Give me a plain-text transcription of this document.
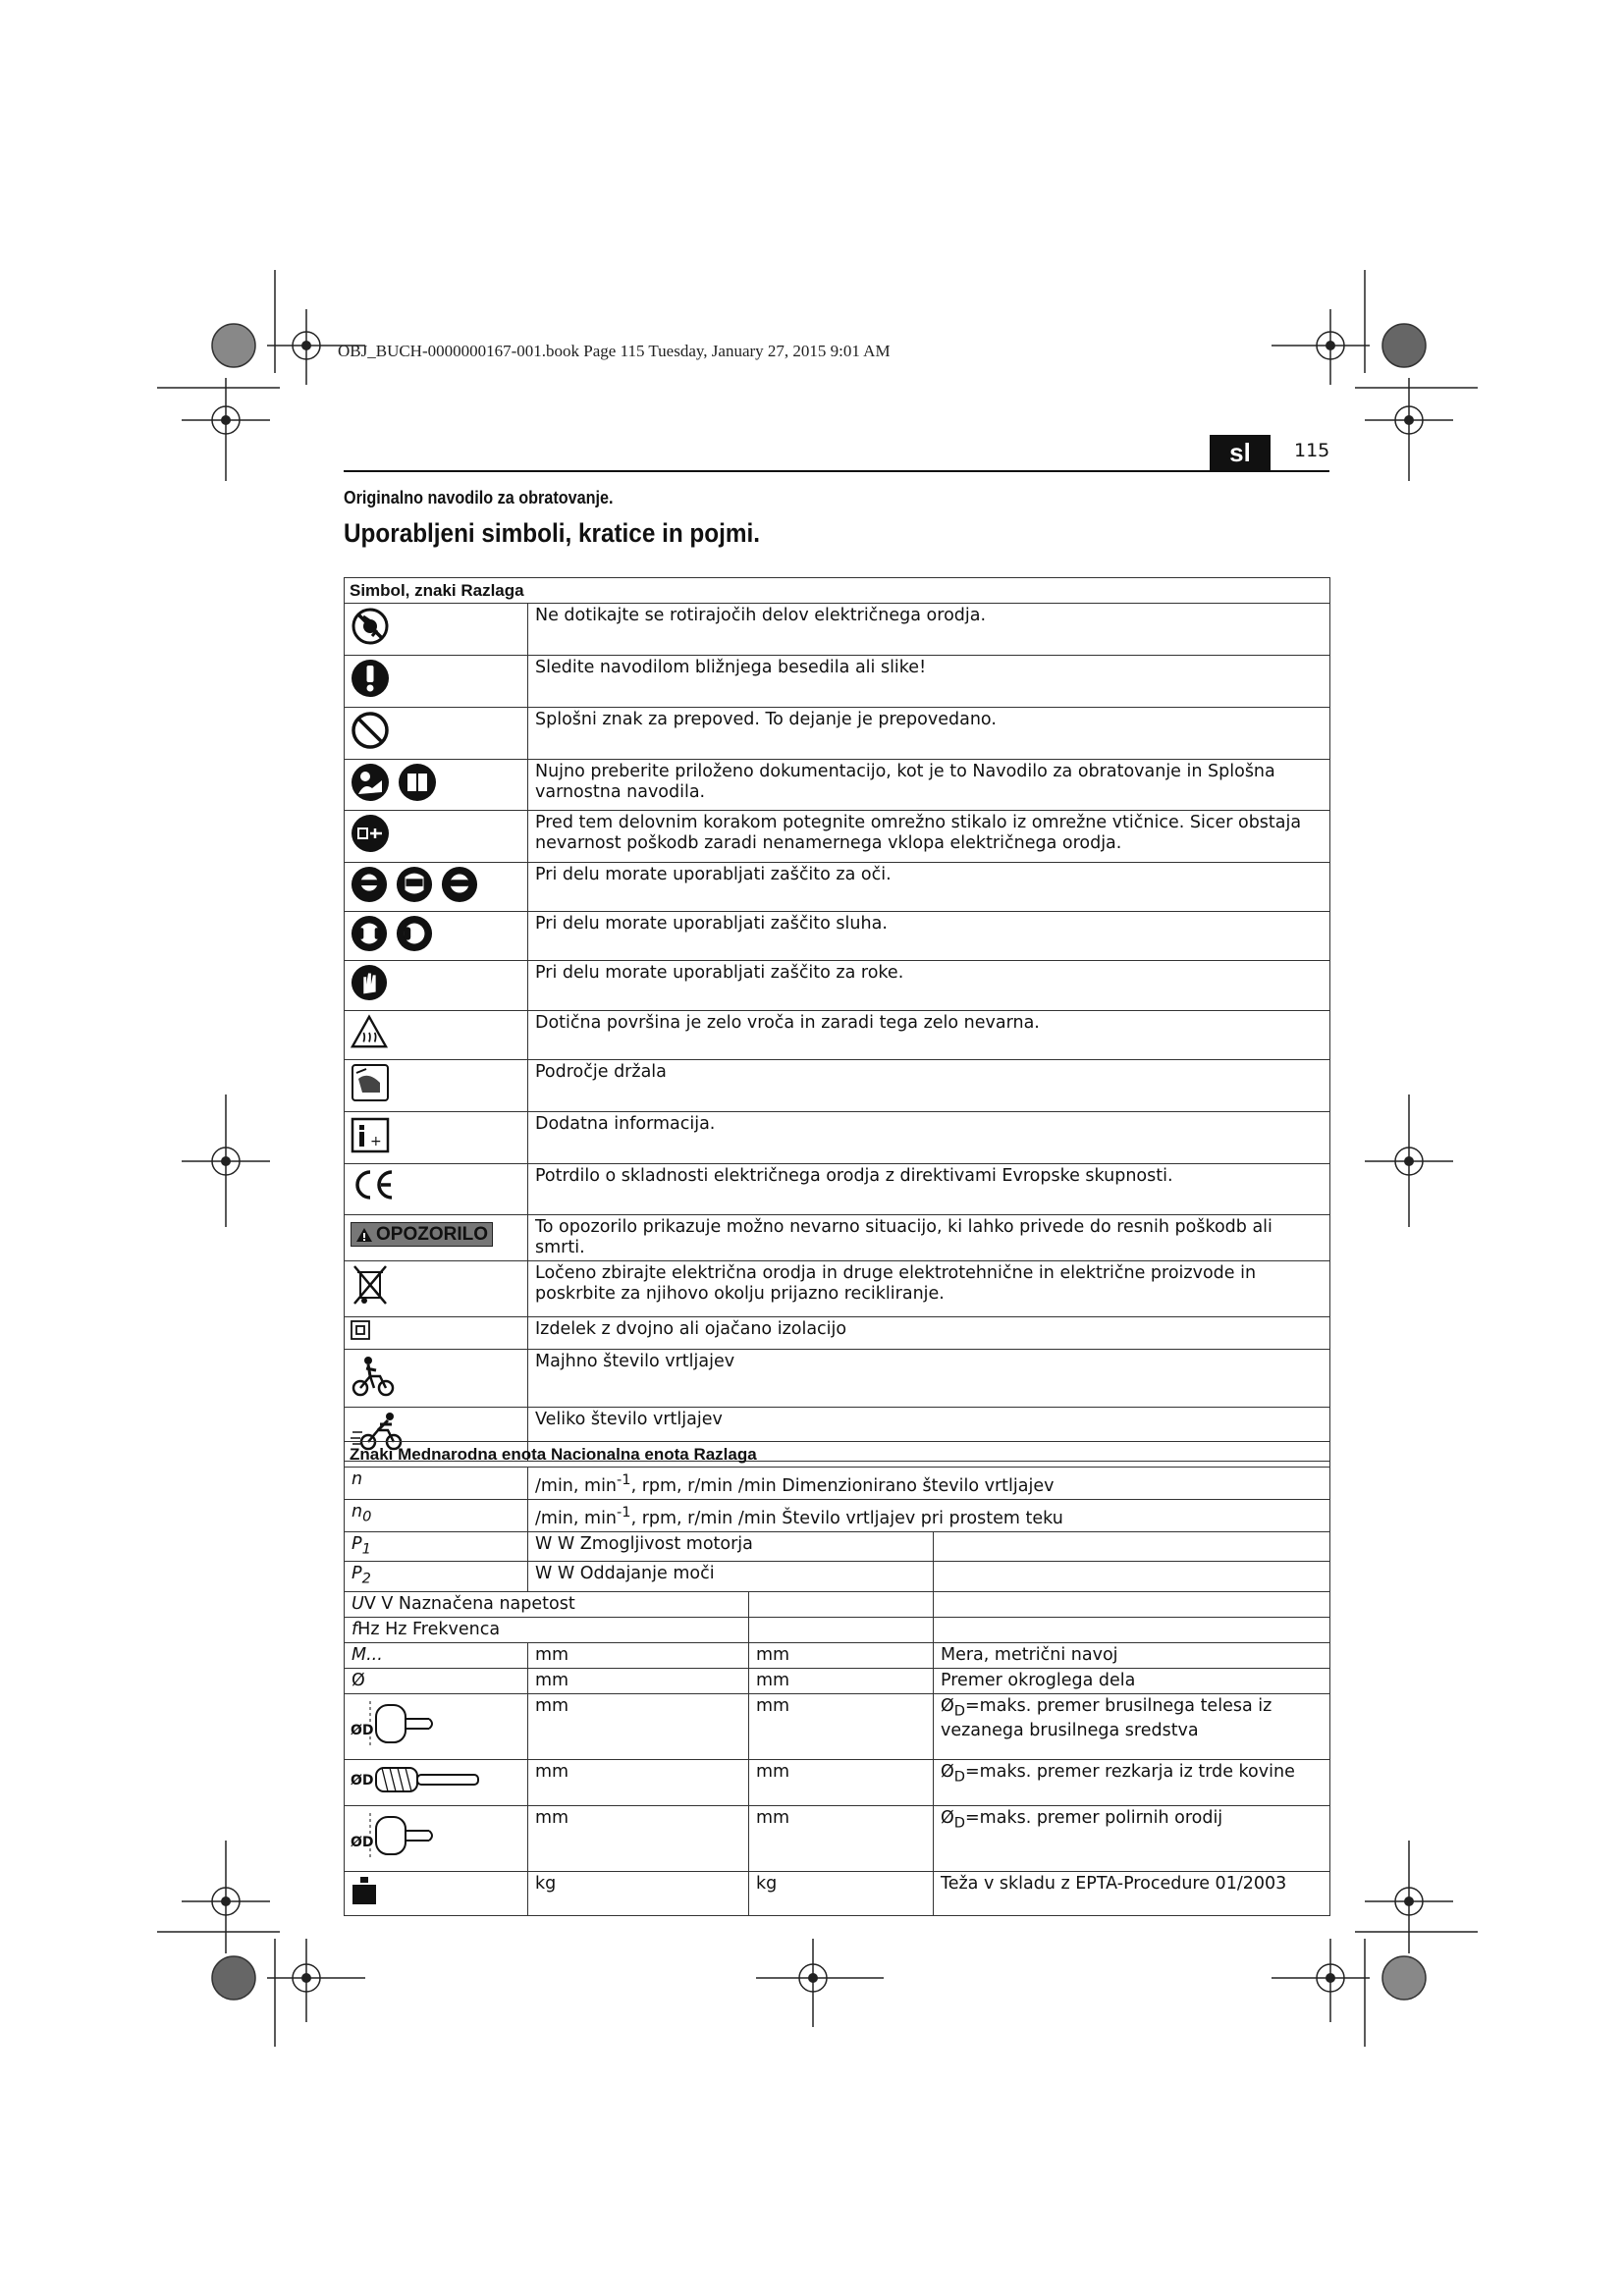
OBJ_BUCH-0000000167-001.book Page 115 Tuesday, January 27, 2015 9:01 AM
sl	115
Originalno navodilo za obratovanje.
Uporabljeni simboli, kratice in pojmi.
Simbol, znaki Razlaga	
	Ne dotikajte se rotirajočih delov električnega orodja.
	Sledite navodilom bližnjega besedila ali slike!
	Splošni znak za prepoved. To dejanje je prepovedano.

	Nujno preberite priloženo dokumentacijo, kot je to Navodilo za obratovanje in Splošna varnostna navodila.
	Pred tem delovnim korakom potegnite omrežno stikalo iz omrežne vtičnice. Sicer obstaja nevarnost poškodb zaradi nenamernega vklopa električnega orodja.

	Pri delu morate uporabljati zaščito za oči.

	Pri delu morate uporabljati zaščito sluha.
	Pri delu morate uporabljati zaščito za roke.
	Dotična površina je zelo vroča in zaradi tega zelo nevarna.
	Področje držala

+	Dodatna informacija.
	Potrdilo o skladnosti električnega orodja z direktivami Evropske skupnosti.

OPOZORILO	To opozorilo prikazuje možno nevarno situacijo, ki lahko privede do resnih poškodb ali smrti.
	Ločeno zbirajte električna orodja in druge elektrotehnične in električne proizvode in poskrbite za njihovo okolju prijazno recikliranje.
	Izdelek z dvojno ali ojačano izolacijo
	Majhno število vrtljajev
	Veliko število vrtljajev
Znaki Mednarodna enota Nacionalna enota Razlaga			
n	/min, $\min^{-1}$, rpm, r/min /min Dimenzionirano število vrtljajev		
$n_0$	/min, $\min^{-1}$, rpm, r/min /min Število vrtljajev pri prostem teku		
$P_1$	W W Zmogljivost motorja		
$P_2$	W W Oddajanje moči		
UV V Naznačena napetost			
fHz Hz Frekvenca			
M...	mm	mm	Mera, metrični navoj
Ø	mm	mm	Premer okroglega dela

ØD	mm	mm	$Ø_D=maks$. premer brusilnega telesa iz vezanega brusilnega sredstva

ØD	mm	mm	$Ø_D=maks$. premer rezkarja iz trde kovine

ØD	mm	mm	$Ø_D=maks$. premer polirnih orodij
	kg	kg	Teža v skladu z EPTA-Procedure 01/2003
